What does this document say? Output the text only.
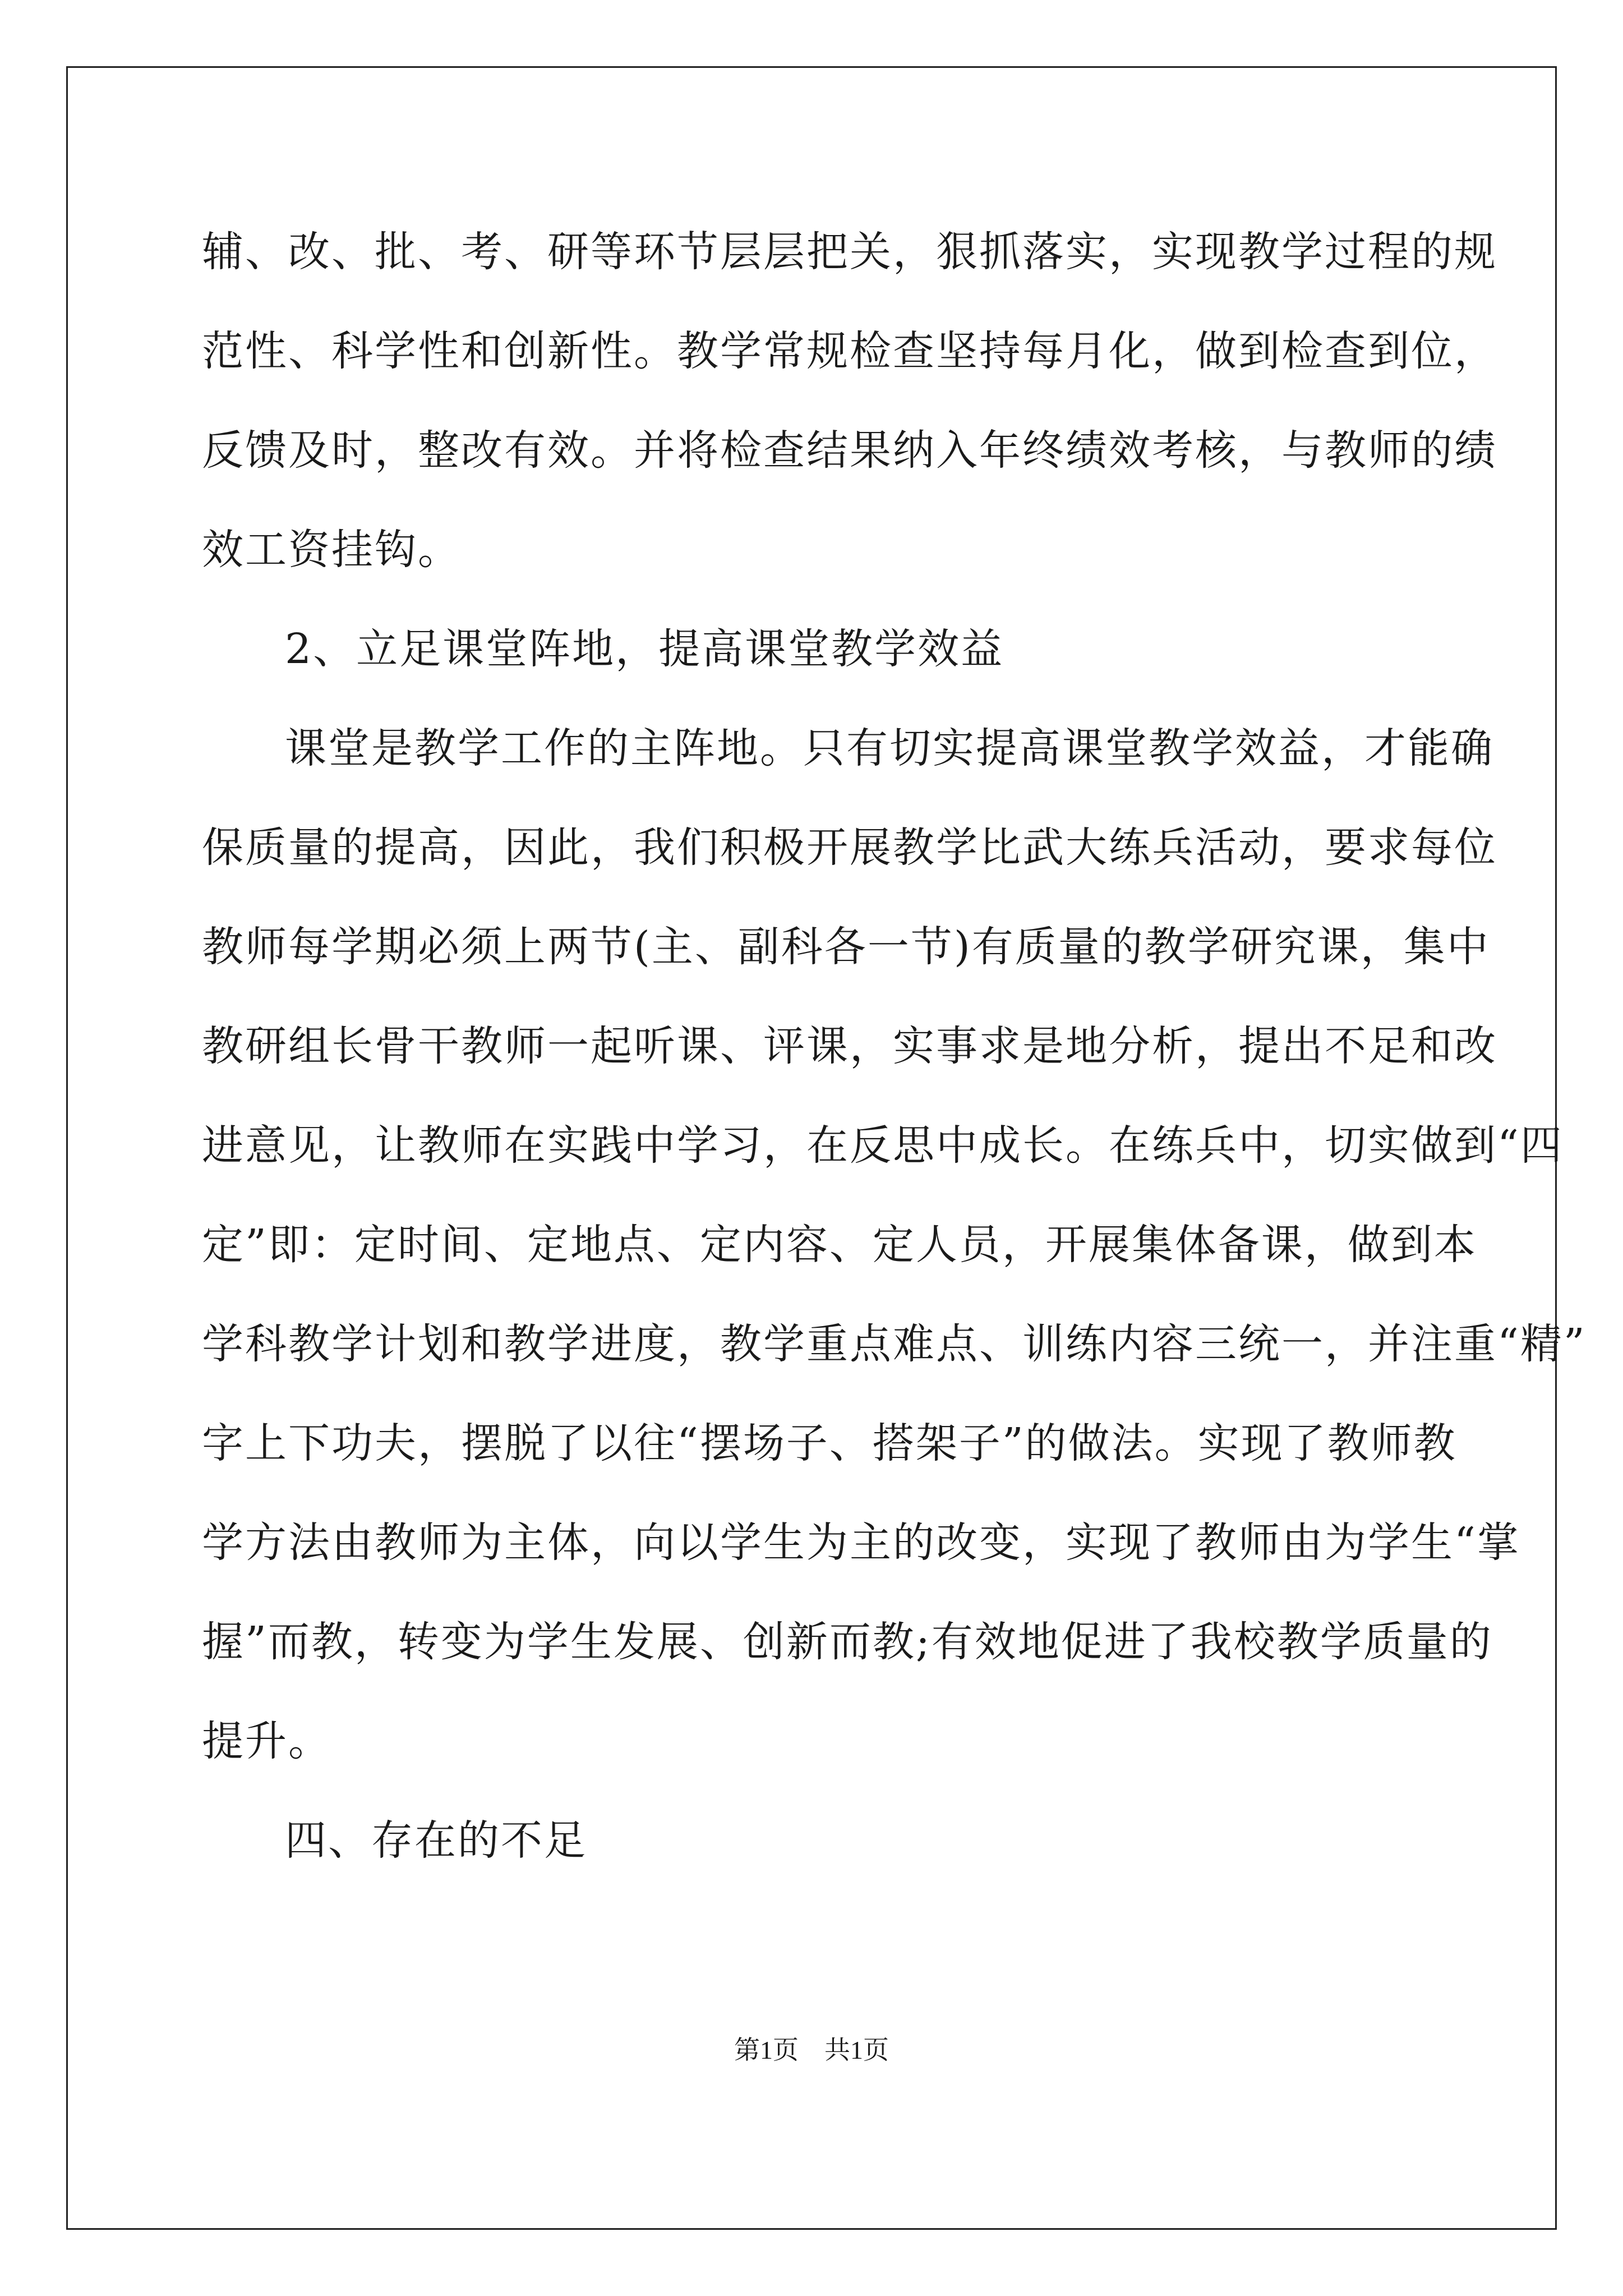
辅、改、批、考、研等环节层层把关，狠抓落实，实现教学过程的规
范性、科学性和创新性。教学常规检查坚持每月化，做到检查到位，
反馈及时，整改有效。并将检查结果纳入年终绩效考核，与教师的绩
效工资挂钩。
2、立足课堂阵地，提高课堂教学效益
课堂是教学工作的主阵地。只有切实提高课堂教学效益，才能确
保质量的提高，因此，我们积极开展教学比武大练兵活动，要求每位
教师每学期必须上两节(主、副科各一节)有质量的教学研究课，集中
教研组长骨干教师一起听课、评课，实事求是地分析，提出不足和改
进意见，让教师在实践中学习，在反思中成长。在练兵中，切实做到“四
定”即：定时间、定地点、定内容、定人员，开展集体备课，做到本
学科教学计划和教学进度，教学重点难点、训练内容三统一，并注重“精”
字上下功夫，摆脱了以往“摆场子、搭架子”的做法。实现了教师教
学方法由教师为主体，向以学生为主的改变，实现了教师由为学生“掌
握”而教，转变为学生发展、创新而教;有效地促进了我校教学质量的
提升。
四、存在的不足
第1页　共1页
